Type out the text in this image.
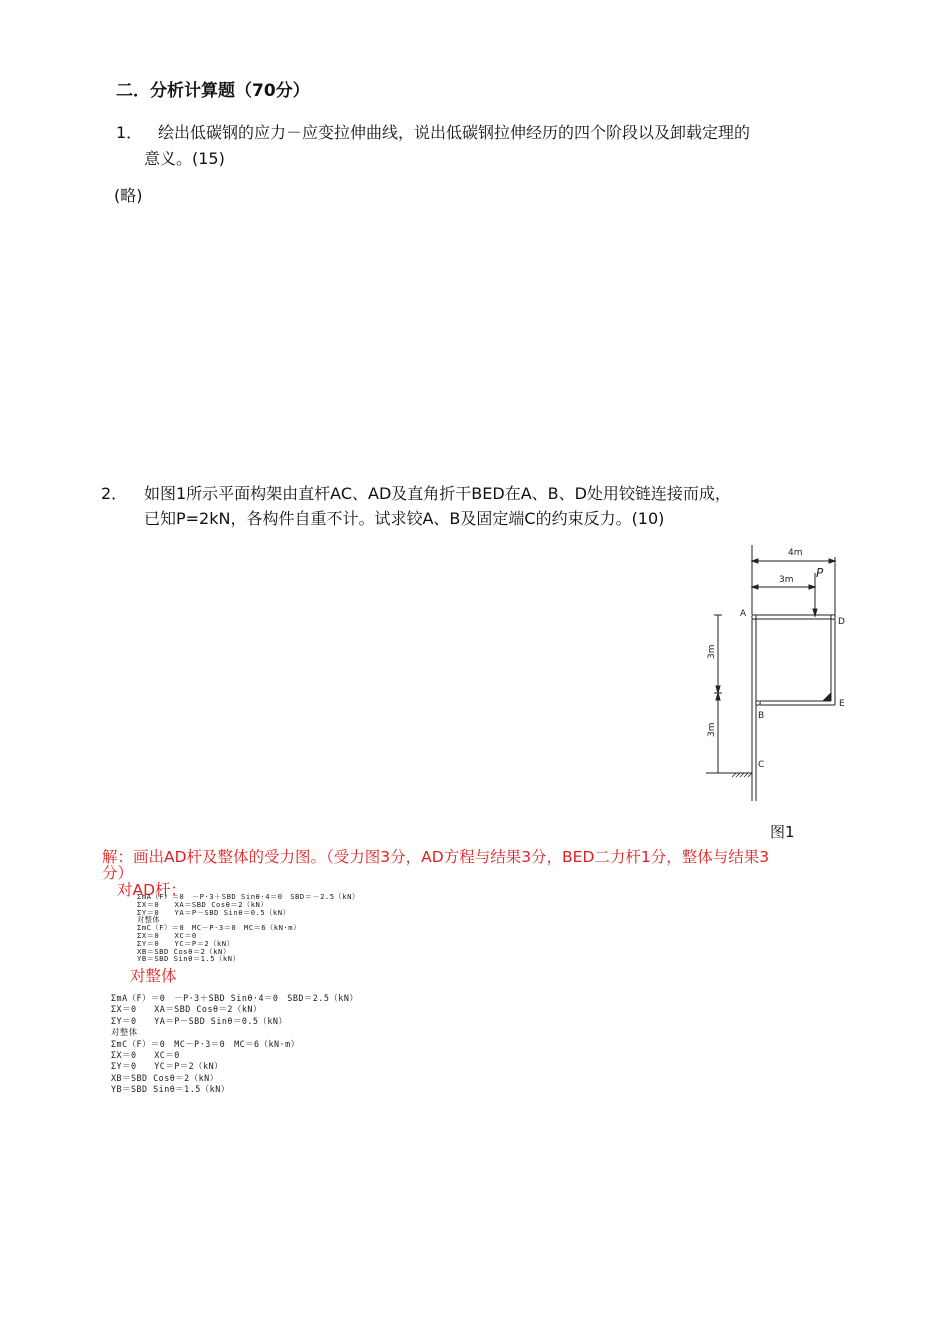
二．分析计算题（70分）
1． 绘出低碳钢的应力－应变拉伸曲线，说出低碳钢拉伸经历的四个阶段以及卸载定理的
意义。(15)
(略)
2． 如图1所示平面构架由直杆AC、AD及直角折干BED在A、B、D处用铰链连接而成，
已知P=2kN，各构件自重不计。试求铰A、B及固定端C的约束反力。(10)
4m
3m P
A
D
B
E
C
3m
3m
图1
解：画出AD杆及整体的受力图。（受力图3分，AD方程与结果3分，BED二力杆1分，整体与结果3
分）
对AD杆：
ΣmA（F）＝0　－P·3＋SBD Sinθ·4＝0　SBD＝－2.5（kN）
ΣX＝0　　XA＝SBD Cosθ＝2（kN）
ΣY＝0　　YA＝P－SBD Sinθ＝0.5（kN）
对整体
ΣmC（F）＝0　MC－P·3＝0　MC＝6（kN·m）
ΣX＝0　　XC＝0
ΣY＝0　　YC＝P＝2（kN）
XB＝SBD Cosθ＝2（kN）
YB＝SBD Sinθ＝1.5（kN）
对整体
ΣmA（F）＝0　－P·3＋SBD Sinθ·4＝0　SBD＝2.5（kN）
ΣX＝0　　XA＝SBD Cosθ＝2（kN）
ΣY＝0　　YA＝P－SBD Sinθ＝0.5（kN）
对整体
ΣmC（F）＝0　MC－P·3＝0　MC＝6（kN·m）
ΣX＝0　　XC＝0
ΣY＝0　　YC＝P＝2（kN）
XB＝SBD Cosθ＝2（kN）
YB＝SBD Sinθ＝1.5（kN）
